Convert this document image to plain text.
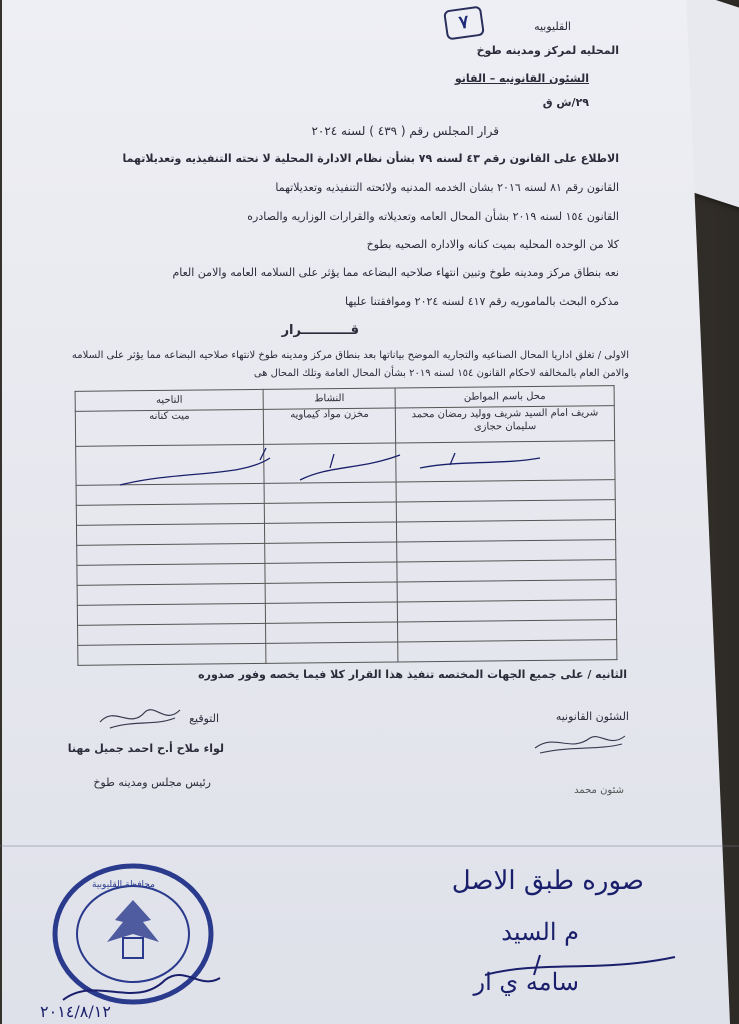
٧	القليوبيه
المحليه لمركز ومدينه طوخ
الشئون القانونيه – القانو
٢٩/ش ق
قرار المجلس رقم ( ٤٣٩ ) لسنه ٢٠٢٤
الاطلاع على القانون رقم ٤٣ لسنه ٧٩ بشأن نظام الادارة المحلية لا نحته التنفيذيه وتعديلاتهما
القانون رقم ٨١ لسنه ٢٠١٦ بشان الخدمه المدنيه ولائحته التنفيذيه وتعديلاتهما
القانون ١٥٤ لسنه ٢٠١٩ بشأن المحال العامه وتعديلاته والقرارات الوزاريه والصادره
كلا من الوحده المحليه بميت كنانه والاداره الصحيه بطوخ
نعه بنطاق مركز ومدينه طوخ وتبين انتهاء صلاحيه البضاعه مما يؤثر على السلامه العامه والامن العام
مذكره البحث بالماموريه رقم ٤١٧ لسنه ٢٠٢٤ وموافقتنا عليها
قـــــــــــرار
الاولى / تغلق اداريا المحال الصناعيه والتجاريه الموضح بياناتها بعد بنطاق مركز ومدينه طوخ لانتهاء صلاحيه البضاعه مما يؤثر على السلامه
والامن العام بالمخالفه لاحكام القانون ١٥٤ لسنه ٢٠١٩ بشأن المحال العامة وتلك المحال هى
الناحيه	النشاط	محل باسم المواطن
ميت كنانه	مخزن مواد كيماويه	شريف امام السيد شريف ووليد رمضان محمد سليمان حجازى

الثانيه / على جميع الجهات المختصه تنفيذ هذا القرار كلا فيما يخصه وفور صدوره
التوقيع
لواء ملاح أ.ح احمد جميل مهنا
رئيس مجلس ومدينه طوخ
الشئون القانونيه
شئون محمد
صوره طبق الاصل
م السيد
سامه ي ار
محافظة القليوبية
٢٠١٤/٨/١٢
